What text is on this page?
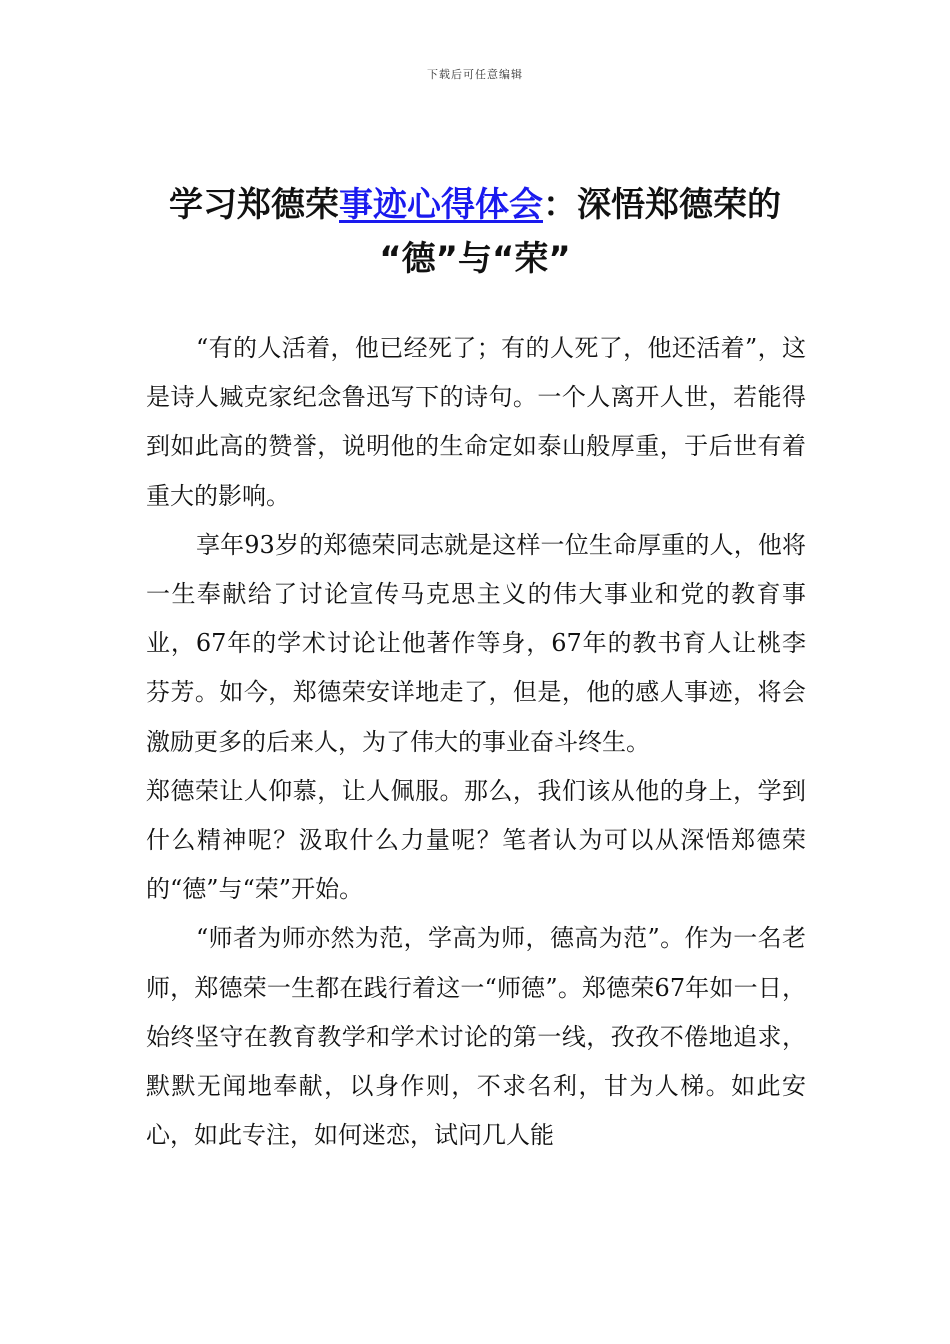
下载后可任意编辑
学习郑德荣事迹心得体会：深悟郑德荣的
“德”与“荣”

“有的人活着，他已经死了；有的人死了，他还活着”，这是诗人臧克家纪念鲁迅写下的诗句。一个人离开人世，若能得到如此高的赞誉，说明他的生命定如泰山般厚重，于后世有着重大的影响。

享年93岁的郑德荣同志就是这样一位生命厚重的人，他将一生奉献给了讨论宣传马克思主义的伟大事业和党的教育事业，67年的学术讨论让他著作等身，67年的教书育人让桃李芬芳。如今，郑德荣安详地走了，但是，他的感人事迹，将会激励更多的后来人，为了伟大的事业奋斗终生。

郑德荣让人仰慕，让人佩服。那么，我们该从他的身上，学到什么精神呢？汲取什么力量呢？笔者认为可以从深悟郑德荣的“德”与“荣”开始。

“师者为师亦然为范，学高为师，德高为范”。作为一名老师，郑德荣一生都在践行着这一“师德”。郑德荣67年如一日，始终坚守在教育教学和学术讨论的第一线，孜孜不倦地追求，默默无闻地奉献，以身作则，不求名利，甘为人梯。如此安心，如此专注，如何迷恋，试问几人能
